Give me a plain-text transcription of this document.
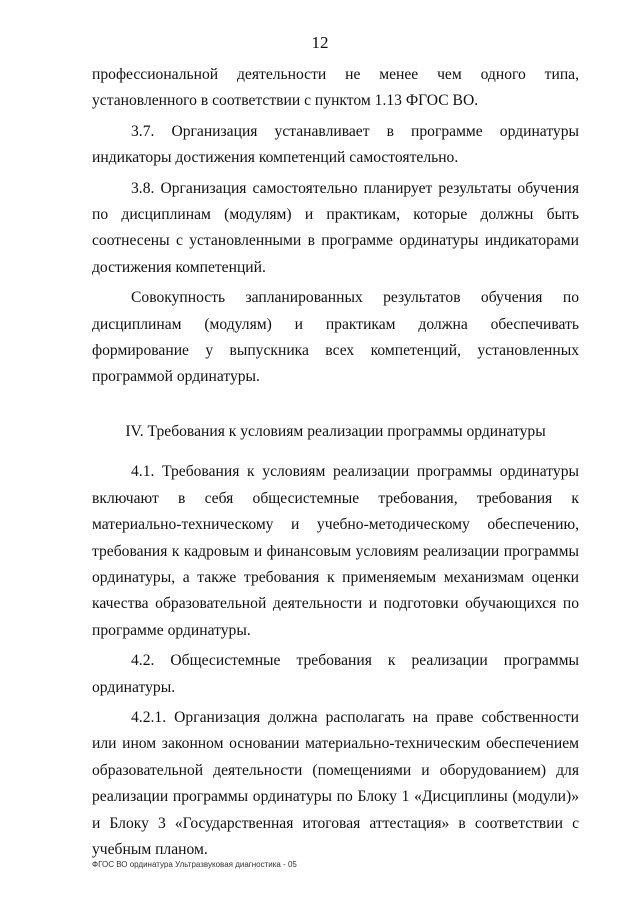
12

профессиональной деятельности не менее чем одного типа, установленного в соответствии с пунктом 1.13 ФГОС ВО.

3.7. Организация устанавливает в программе ординатуры индикаторы достижения компетенций самостоятельно.

3.8. Организация самостоятельно планирует результаты обучения по дисциплинам (модулям) и практикам, которые должны быть соотнесены с установленными в программе ординатуры индикаторами достижения компетенций.

Совокупность запланированных результатов обучения по дисциплинам (модулям) и практикам должна обеспечивать формирование у выпускника всех компетенций, установленных программой ординатуры.

IV. Требования к условиям реализации программы ординатуры

4.1. Требования к условиям реализации программы ординатуры включают в себя общесистемные требования, требования к материально-техническому и учебно-методическому обеспечению, требования к кадровым и финансовым условиям реализации программы ординатуры, а также требования к применяемым механизмам оценки качества образовательной деятельности и подготовки обучающихся по программе ординатуры.

4.2. Общесистемные требования к реализации программы ординатуры.

4.2.1. Организация должна располагать на праве собственности или ином законном основании материально-техническим обеспечением образовательной деятельности (помещениями и оборудованием) для реализации программы ординатуры по Блоку 1 «Дисциплины (модули)» и Блоку 3 «Государственная итоговая аттестация» в соответствии с учебным планом.

ФГОС ВО ординатура Ультразвуковая диагностика - 05
